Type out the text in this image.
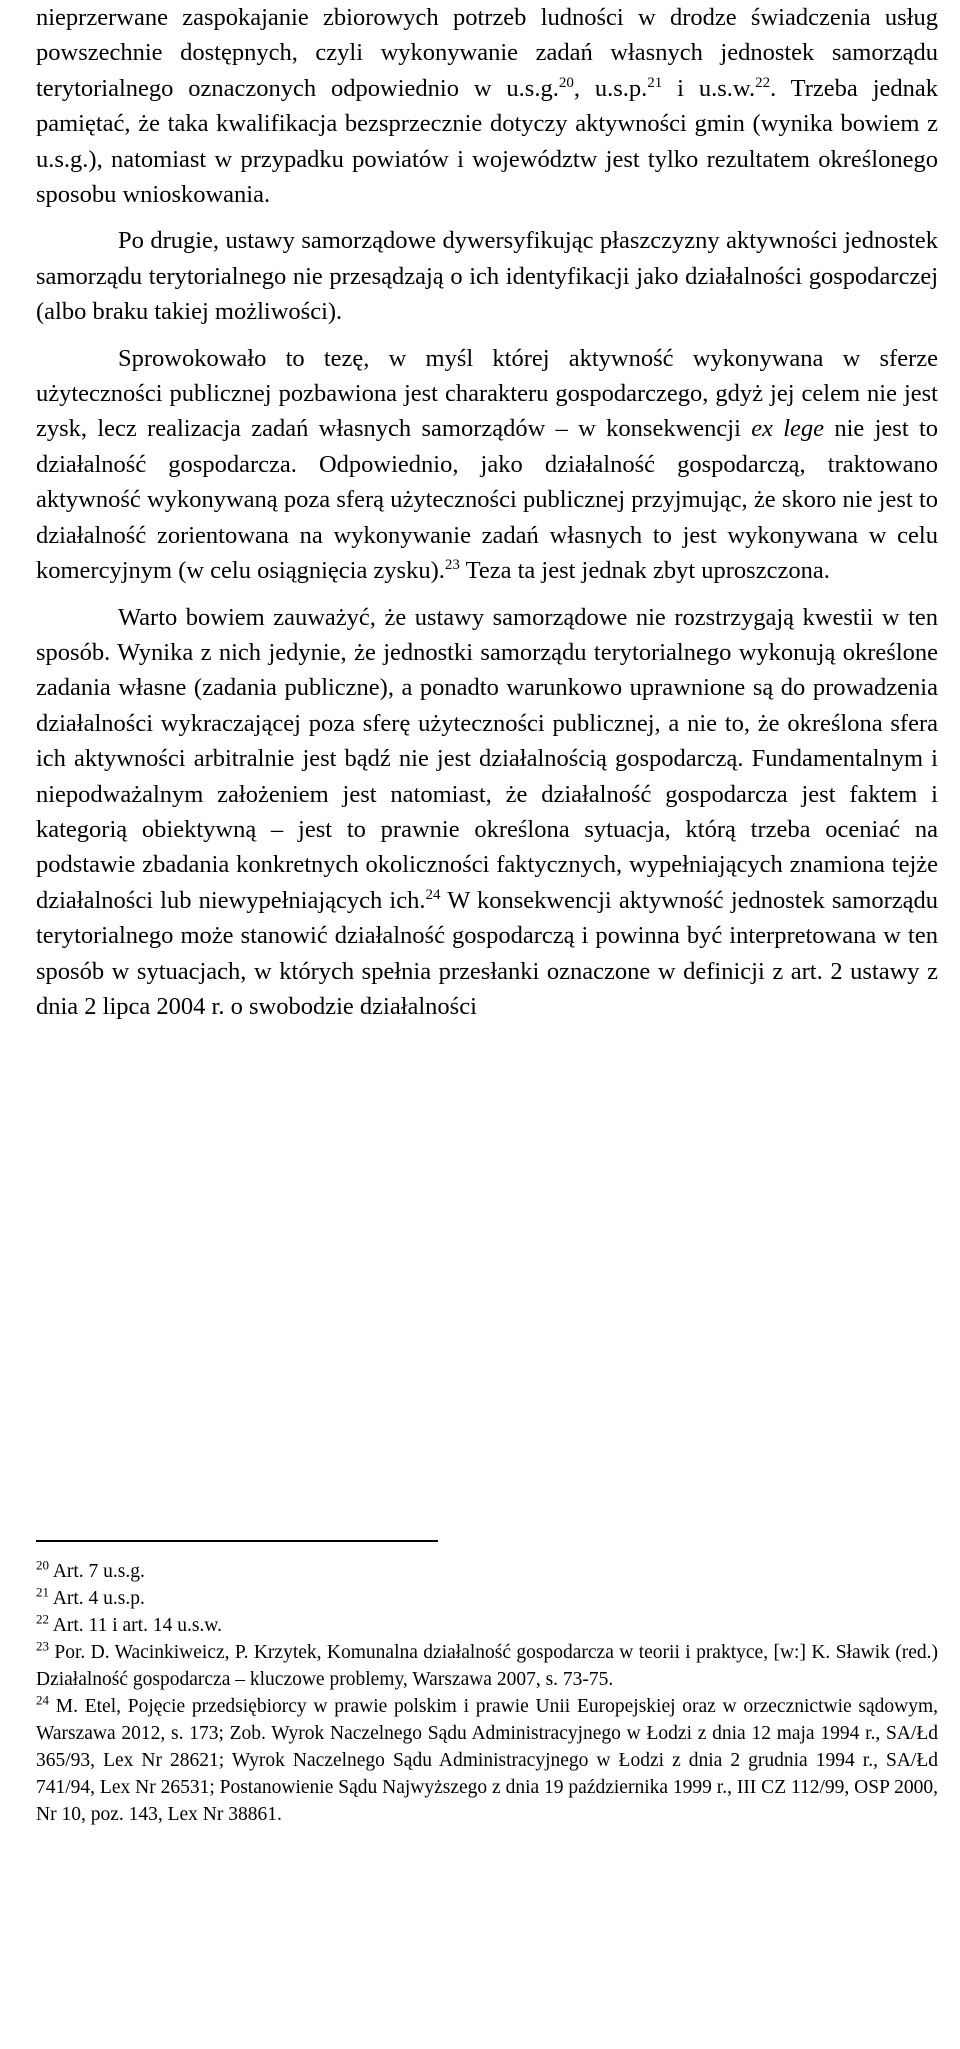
nieprzerwane zaspokajanie zbiorowych potrzeb ludności w drodze świadczenia usług powszechnie dostępnych, czyli wykonywanie zadań własnych jednostek samorządu terytorialnego oznaczonych odpowiednio w u.s.g.$^{20}$, u.s.p.$^{21}$ i u.s.w.$^{22}$. Trzeba jednak pamiętać, że taka kwalifikacja bezsprzecznie dotyczy aktywności gmin (wynika bowiem z u.s.g.), natomiast w przypadku powiatów i województw jest tylko rezultatem określonego sposobu wnioskowania.

Po drugie, ustawy samorządowe dywersyfikując płaszczyzny aktywności jednostek samorządu terytorialnego nie przesądzają o ich identyfikacji jako działalności gospodarczej (albo braku takiej możliwości).

Sprowokowało to tezę, w myśl której aktywność wykonywana w sferze użyteczności publicznej pozbawiona jest charakteru gospodarczego, gdyż jej celem nie jest zysk, lecz realizacja zadań własnych samorządów – w konsekwencji ex lege nie jest to działalność gospodarcza. Odpowiednio, jako działalność gospodarczą, traktowano aktywność wykonywaną poza sferą użyteczności publicznej przyjmując, że skoro nie jest to działalność zorientowana na wykonywanie zadań własnych to jest wykonywana w celu komercyjnym (w celu osiągnięcia zysku).$^{23}$ Teza ta jest jednak zbyt uproszczona.

Warto bowiem zauważyć, że ustawy samorządowe nie rozstrzygają kwestii w ten sposób. Wynika z nich jedynie, że jednostki samorządu terytorialnego wykonują określone zadania własne (zadania publiczne), a ponadto warunkowo uprawnione są do prowadzenia działalności wykraczającej poza sferę użyteczności publicznej, a nie to, że określona sfera ich aktywności arbitralnie jest bądź nie jest działalnością gospodarczą. Fundamentalnym i niepodważalnym założeniem jest natomiast, że działalność gospodarcza jest faktem i kategorią obiektywną – jest to prawnie określona sytuacja, którą trzeba oceniać na podstawie zbadania konkretnych okoliczności faktycznych, wypełniających znamiona tejże działalności lub niewypełniających ich.$^{24}$ W konsekwencji aktywność jednostek samorządu terytorialnego może stanowić działalność gospodarczą i powinna być interpretowana w ten sposób w sytuacjach, w których spełnia przesłanki oznaczone w definicji z art. 2 ustawy z dnia 2 lipca 2004 r. o swobodzie działalności

$^{20}$ Art. 7 u.s.g.

$^{21}$ Art. 4 u.s.p.

$^{22}$ Art. 11 i art. 14 u.s.w.

$^{23}$ Por. D. Wacinkiweicz, P. Krzytek, Komunalna działalność gospodarcza w teorii i praktyce, [w:] K. Sławik (red.) Działalność gospodarcza – kluczowe problemy, Warszawa 2007, s. 73-75.

$^{24}$ M. Etel, Pojęcie przedsiębiorcy w prawie polskim i prawie Unii Europejskiej oraz w orzecznictwie sądowym, Warszawa 2012, s. 173; Zob. Wyrok Naczelnego Sądu Administracyjnego w Łodzi z dnia 12 maja 1994 r., SA/Łd 365/93, Lex Nr 28621; Wyrok Naczelnego Sądu Administracyjnego w Łodzi z dnia 2 grudnia 1994 r., SA/Łd 741/94, Lex Nr 26531; Postanowienie Sądu Najwyższego z dnia 19 października 1999 r., III CZ 112/99, OSP 2000, Nr 10, poz. 143, Lex Nr 38861.
